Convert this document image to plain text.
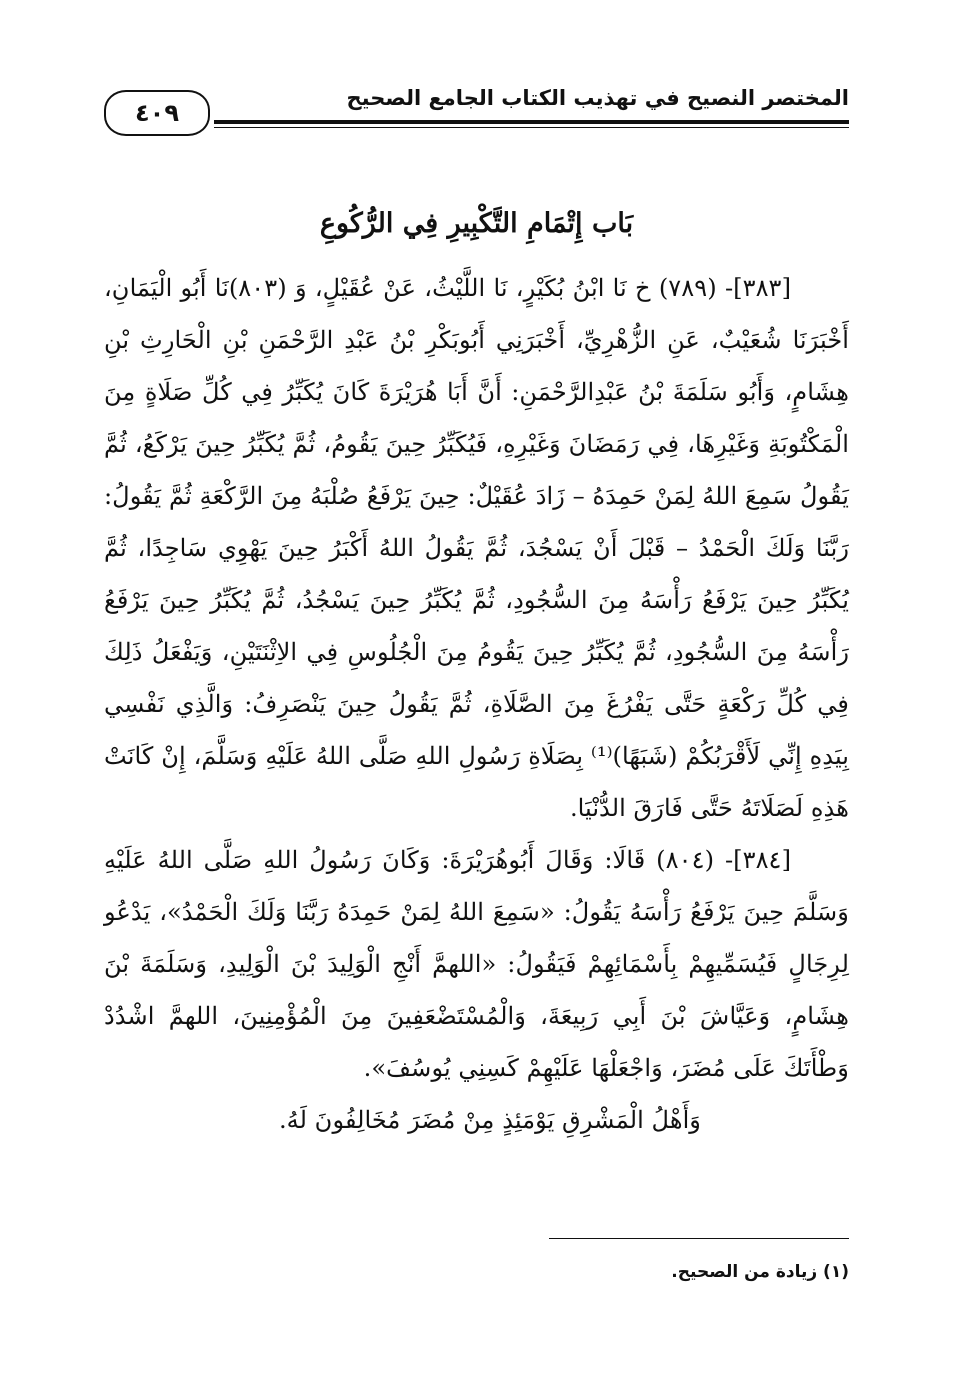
المختصر النصيح في تهذيب الكتاب الجامع الصحيح
٤٠٩
بَاب إِتْمَامِ التَّكْبِيرِ فِي الرُّكُوعِ

[٣٨٣]- (٧٨٩) خ نَا ابْنُ بُكَيْرٍ، نَا اللَّيْثُ، عَنْ عُقَيْلٍ، وَ (٨٠٣)نَا أَبُو الْيَمَانِ، أَخْبَرَنَا شُعَيْبٌ، عَنِ الزُّهْرِيِّ، أَخْبَرَنِي أَبُوبَكْرِ بْنُ عَبْدِ الرَّحْمَنِ بْنِ الْحَارِثِ بْنِ هِشَامٍ، وَأَبُو سَلَمَةَ بْنُ عَبْدِالرَّحْمَنِ: أَنَّ أَبَا هُرَيْرَةَ كَانَ يُكَبِّرُ فِي كُلِّ صَلَاةٍ مِنَ الْمَكْتُوبَةِ وَغَيْرِهَا، فِي رَمَضَانَ وَغَيْرِهِ، فَيُكَبِّرُ حِينَ يَقُومُ، ثُمَّ يُكَبِّرُ حِينَ يَرْكَعُ، ثُمَّ يَقُولُ سَمِعَ اللهُ لِمَنْ حَمِدَهُ – زَادَ عُقَيْلٌ: حِينَ يَرْفَعُ صُلْبَهُ مِنَ الرَّكْعَةِ ثُمَّ يَقُولُ: رَبَّنَا وَلَكَ الْحَمْدُ – قَبْلَ أَنْ يَسْجُدَ، ثُمَّ يَقُولُ اللهُ أَكْبَرُ حِينَ يَهْوِي سَاجِدًا، ثُمَّ يُكَبِّرُ حِينَ يَرْفَعُ رَأْسَهُ مِنَ السُّجُودِ، ثُمَّ يُكَبِّرُ حِينَ يَسْجُدُ، ثُمَّ يُكَبِّرُ حِينَ يَرْفَعُ رَأْسَهُ مِنَ السُّجُودِ، ثُمَّ يُكَبِّرُ حِينَ يَقُومُ مِنَ الْجُلُوسِ فِي الاِثْنَتَيْنِ، وَيَفْعَلُ ذَلِكَ فِي كُلِّ رَكْعَةٍ حَتَّى يَفْرُغَ مِنَ الصَّلَاةِ، ثُمَّ يَقُولُ حِينَ يَنْصَرِفُ: وَالَّذِي نَفْسِي بِيَدِهِ إِنِّي لَأَقْرَبُكُمْ (شَبَهًا)⁽¹⁾ بِصَلَاةِ رَسُولِ اللهِ صَلَّى اللهُ عَلَيْهِ وَسَلَّمَ، إِنْ كَانَتْ هَذِهِ لَصَلَاتَهُ حَتَّى فَارَقَ الدُّنْيَا.

[٣٨٤]- (٨٠٤) قَالَا: وَقَالَ أَبُوهُرَيْرَةَ: وَكَانَ رَسُولُ اللهِ صَلَّى اللهُ عَلَيْهِ وَسَلَّمَ حِينَ يَرْفَعُ رَأْسَهُ يَقُولُ: «سَمِعَ اللهُ لِمَنْ حَمِدَهُ رَبَّنَا وَلَكَ الْحَمْدُ»، يَدْعُو لِرِجَالٍ فَيُسَمِّيهِمْ بِأَسْمَائِهِمْ فَيَقُولُ: «اللهمَّ أَنْجِ الْوَلِيدَ بْنَ الْوَلِيدِ، وَسَلَمَةَ بْنَ هِشَامٍ، وَعَيَّاشَ بْنَ أَبِي رَبِيعَةَ، وَالْمُسْتَضْعَفِينَ مِنَ الْمُؤْمِنِينَ، اللهمَّ اشْدُدْ وَطْأَتَكَ عَلَى مُضَرَ، وَاجْعَلْهَا عَلَيْهِمْ كَسِنِي يُوسُفَ».

وَأَهْلُ الْمَشْرِقِ يَوْمَئِذٍ مِنْ مُضَرَ مُخَالِفُونَ لَهُ.

(١) زيادة من الصحيح.
